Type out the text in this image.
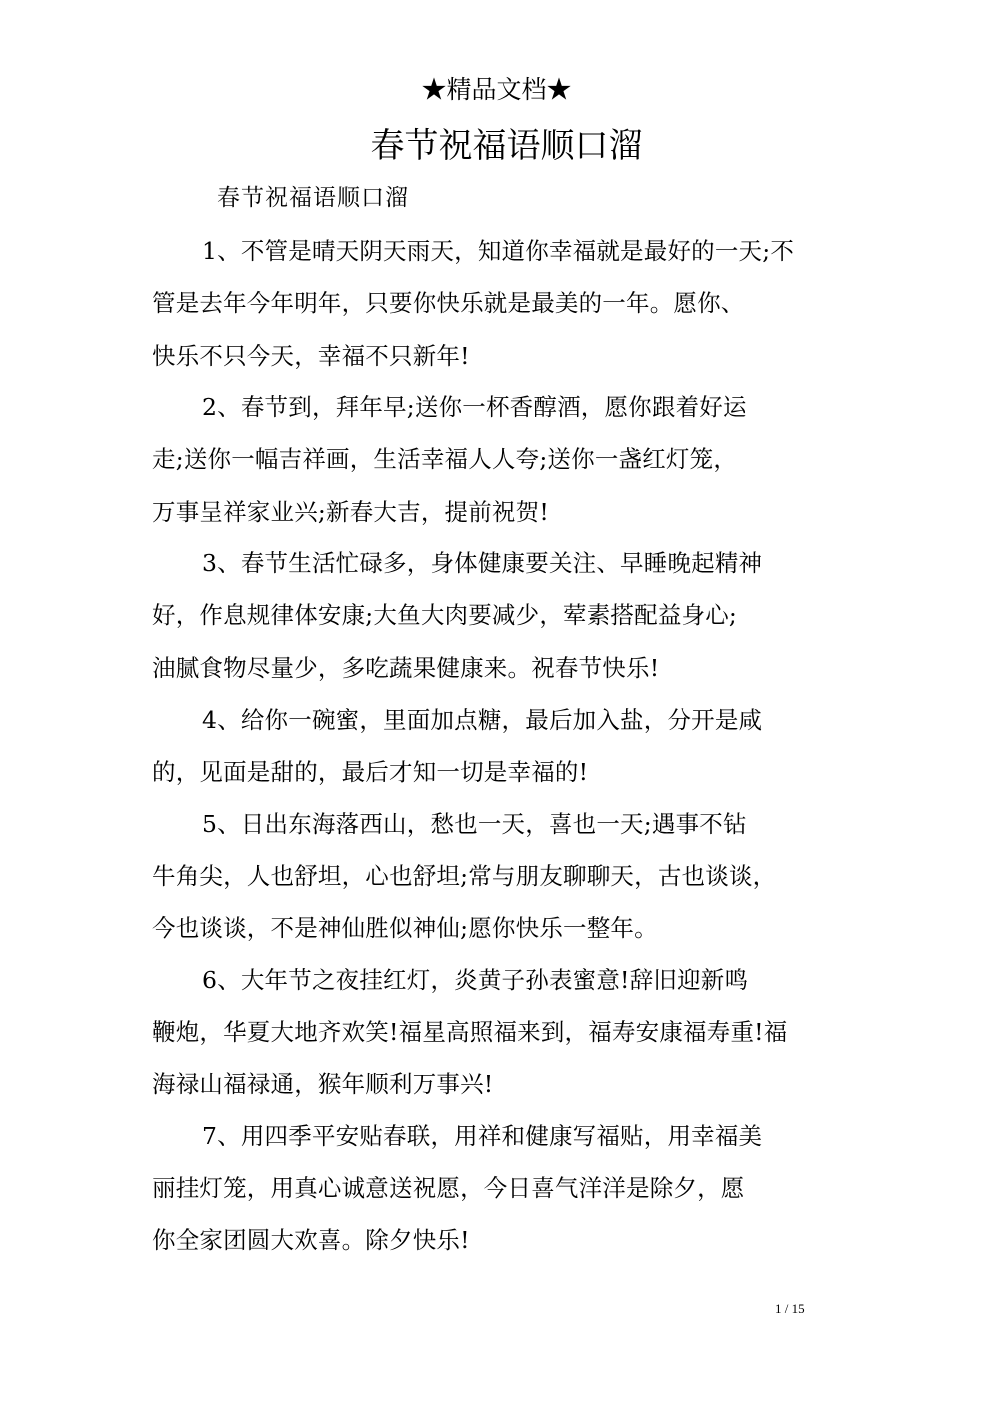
★精品文档★
春节祝福语顺口溜
春节祝福语顺口溜
1、不管是晴天阴天雨天，知道你幸福就是最好的一天;不
管是去年今年明年，只要你快乐就是最美的一年。愿你、
快乐不只今天，幸福不只新年!
2、春节到，拜年早;送你一杯香醇酒，愿你跟着好运
走;送你一幅吉祥画，生活幸福人人夸;送你一盏红灯笼，
万事呈祥家业兴;新春大吉，提前祝贺!
3、春节生活忙碌多，身体健康要关注、早睡晚起精神
好，作息规律体安康;大鱼大肉要减少，荤素搭配益身心;
油腻食物尽量少，多吃蔬果健康来。祝春节快乐!
4、给你一碗蜜，里面加点糖，最后加入盐，分开是咸
的，见面是甜的，最后才知一切是幸福的!
5、日出东海落西山，愁也一天，喜也一天;遇事不钻
牛角尖，人也舒坦，心也舒坦;常与朋友聊聊天，古也谈谈，
今也谈谈，不是神仙胜似神仙;愿你快乐一整年。
6、大年节之夜挂红灯，炎黄子孙表蜜意!辞旧迎新鸣
鞭炮，华夏大地齐欢笑!福星高照福来到，福寿安康福寿重!福
海禄山福禄通，猴年顺利万事兴!
7、用四季平安贴春联，用祥和健康写福贴，用幸福美
丽挂灯笼，用真心诚意送祝愿，今日喜气洋洋是除夕，愿
你全家团圆大欢喜。除夕快乐!
1 / 15
